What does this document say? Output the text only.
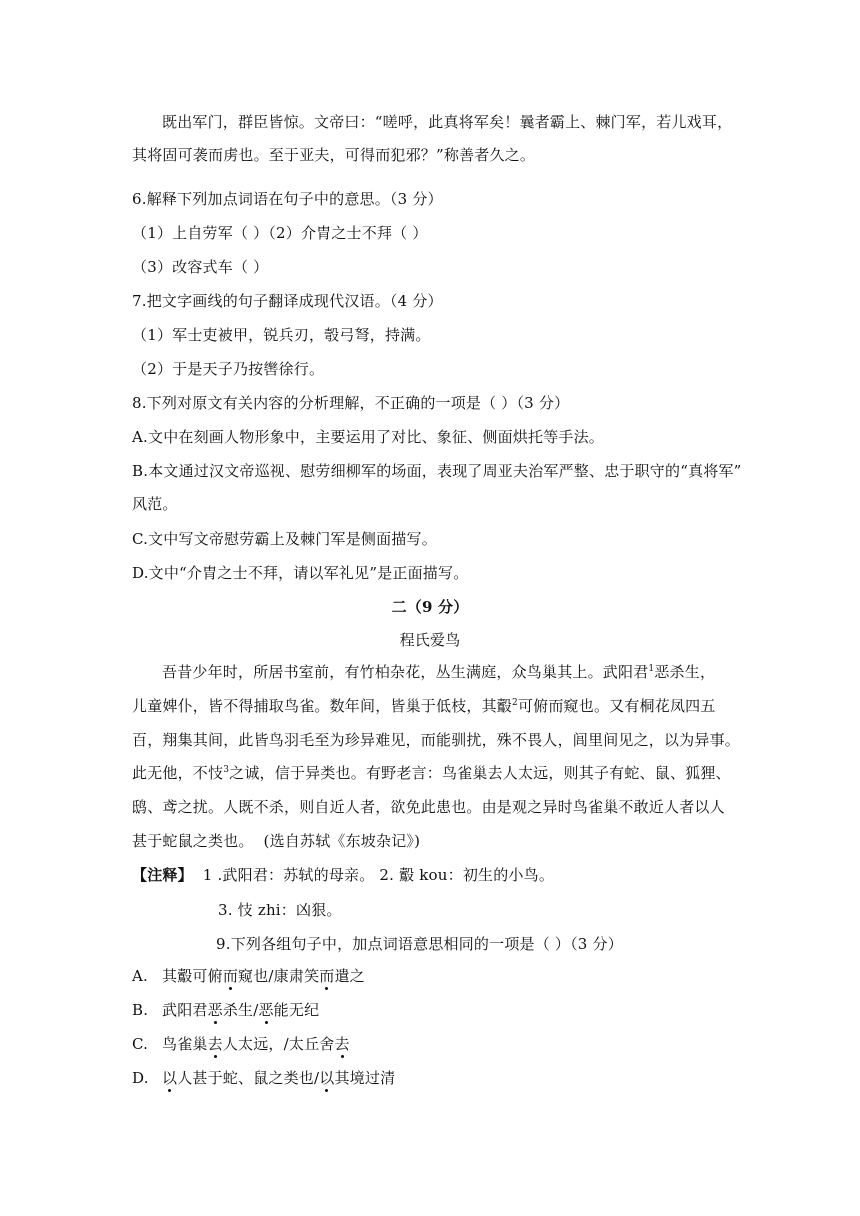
既出军门，群臣皆惊。文帝曰：“嗟呼，此真将军矣！曩者霸上、棘门军，若儿戏耳，
其将固可袭而虏也。至于亚夫，可得而犯邪？”称善者久之。
6.解释下列加点词语在句子中的意思。（3 分）
（1）上自劳军（ ）（2）介胄之士不拜（ ）
（3）改容式车（ ）
7.把文字画线的句子翻译成现代汉语。（4 分）
（1）军士吏被甲，锐兵刃，彀弓弩，持满。
（2）于是天子乃按辔徐行。
8.下列对原文有关内容的分析理解，不正确的一项是（ ）（3 分）
A.文中在刻画人物形象中，主要运用了对比、象征、侧面烘托等手法。
B.本文通过汉文帝巡视、慰劳细柳军的场面，表现了周亚夫治军严整、忠于职守的“真将军”
风范。
C.文中写文帝慰劳霸上及棘门军是侧面描写。
D.文中“介胄之士不拜，请以军礼见”是正面描写。
二（9 分）
程氏爱鸟
吾昔少年时，所居书室前，有竹柏杂花，丛生满庭，众鸟巢其上。武阳君$^1$恶杀生，
儿童婢仆，皆不得捕取鸟雀。数年间，皆巢于低枝，其鷇$^2$可俯而窥也。又有桐花凤四五
百，翔集其间，此皆鸟羽毛至为珍异难见，而能驯扰，殊不畏人，闾里间见之，以为异事。
此无他，不忮$^3$之诚，信于异类也。有野老言：鸟雀巢去人太远，则其子有蛇、鼠、狐狸、
鸱、鸢之扰。人既不杀，则自近人者，欲免此患也。由是观之异时鸟雀巢不敢近人者以人
甚于蛇鼠之类也。 (选自苏轼《东坡杂记》)
【注释】 1 .武阳君：苏轼的母亲。 2. 鷇 kou：初生的小鸟。
3. 忮 zhi：凶狠。
9.下列各组句子中，加点词语意思相同的一项是（ ）（3 分）
A. 其鷇可俯而窥也/康肃笑而遣之
B. 武阳君恶杀生/恶能无纪
C. 鸟雀巢去人太远，/太丘舍去
D. 以人甚于蛇、鼠之类也/以其境过清
